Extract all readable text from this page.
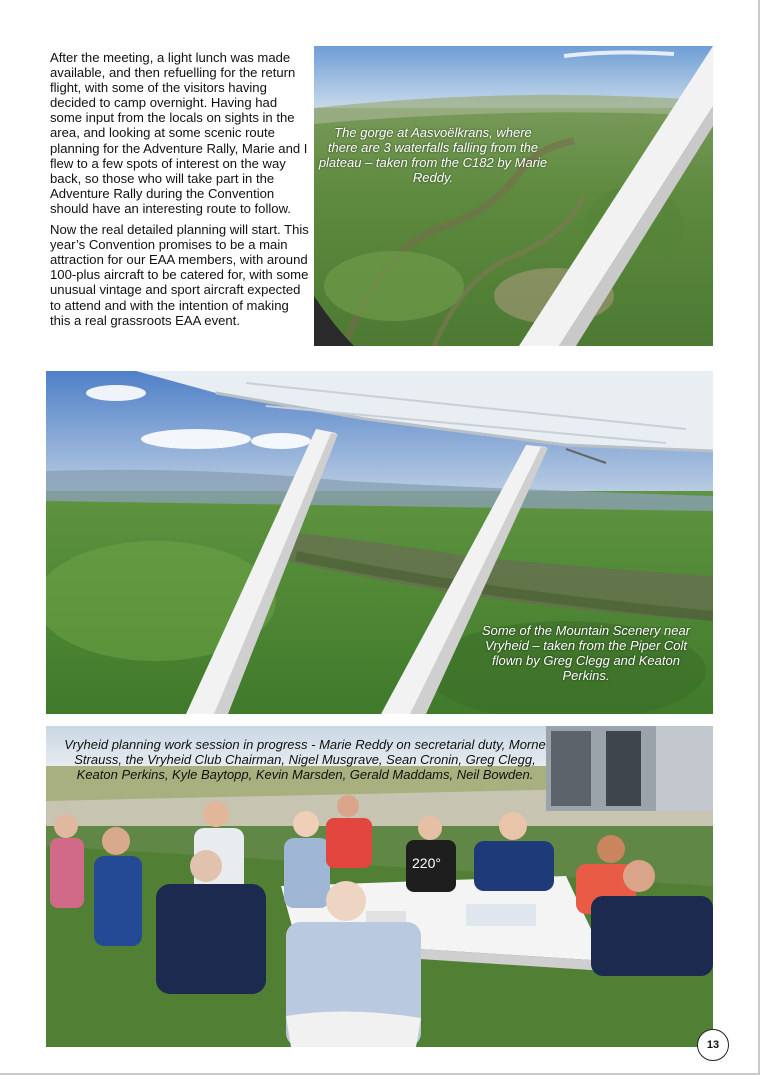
After the meeting, a light lunch was made available, and then refuelling for the return flight, with some of the visitors having decided to camp overnight. Having had some input from the locals on sights in the area, and looking at some scenic route planning for the Adventure Rally, Marie and I flew to a few spots of interest on the way back, so those who will take part in the Adventure Rally during the Convention should have an interesting route to follow.

Now the real detailed planning will start. This year’s Convention promises to be a main attraction for our EAA members, with around 100-plus aircraft to be catered for, with some unusual vintage and sport aircraft expected to attend and with the intention of making this a real grassroots EAA event.

The gorge at Aasvoëlkrans, where there are 3 waterfalls falling from the plateau – taken from the C182 by Marie Reddy.
Some of the Mountain Scenery near Vryheid – taken from the Piper Colt flown by Greg Clegg and Keaton Perkins.
220°
Vryheid planning work session in progress - Marie Reddy on secretarial duty, Morne Strauss, the Vryheid Club Chairman, Nigel Musgrave, Sean Cronin, Greg Clegg, Keaton Perkins, Kyle Baytopp, Kevin Marsden, Gerald Maddams, Neil Bowden.
13
